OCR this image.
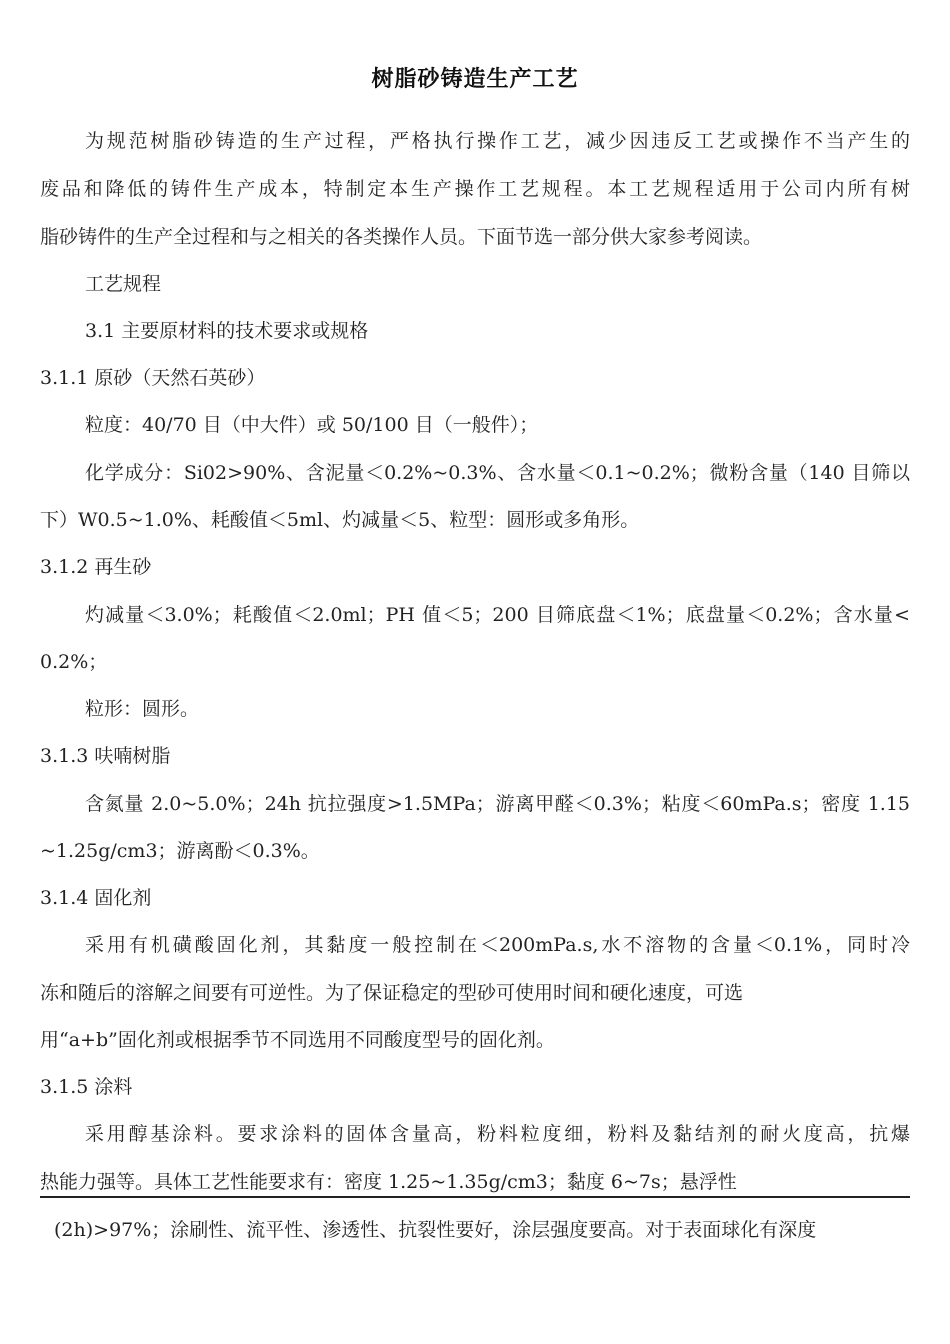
树脂砂铸造生产工艺
为规范树脂砂铸造的生产过程，严格执行操作工艺，减少因违反工艺或操作不当产生的
废品和降低的铸件生产成本，特制定本生产操作工艺规程。本工艺规程适用于公司内所有树
脂砂铸件的生产全过程和与之相关的各类操作人员。下面节选一部分供大家参考阅读。
工艺规程
3.1 主要原材料的技术要求或规格
3.1.1 原砂（天然石英砂）
粒度：40/70 目（中大件）或 50/100 目（一般件）；
化学成分：Si02>90%、含泥量＜0.2%~0.3%、含水量＜0.1~0.2%；微粉含量（140 目筛以
下）W0.5~1.0%、耗酸值＜5ml、灼减量＜5、粒型：圆形或多角形。
3.1.2 再生砂
灼减量＜3.0%；耗酸值＜2.0ml；PH 值＜5；200 目筛底盘＜1%；底盘量＜0.2%；含水量<
0.2%；
粒形：圆形。
3.1.3 呋喃树脂
含氮量 2.0~5.0%；24h 抗拉强度>1.5MPa；游离甲醛＜0.3%；粘度＜60mPa.s；密度 1.15
~1.25g/cm3；游离酚＜0.3%。
3.1.4 固化剂
采用有机磺酸固化剂，其黏度一般控制在＜200mPa.s,水不溶物的含量＜0.1%，同时冷
冻和随后的溶解之间要有可逆性。为了保证稳定的型砂可使用时间和硬化速度，可选
用“a+b”固化剂或根据季节不同选用不同酸度型号的固化剂。
3.1.5 涂料
采用醇基涂料。要求涂料的固体含量高，粉料粒度细，粉料及黏结剂的耐火度高，抗爆
热能力强等。具体工艺性能要求有：密度 1.25~1.35g/cm3；黏度 6~7s；悬浮性
(2h)>97%；涂刷性、流平性、渗透性、抗裂性要好，涂层强度要高。对于表面球化有深度
